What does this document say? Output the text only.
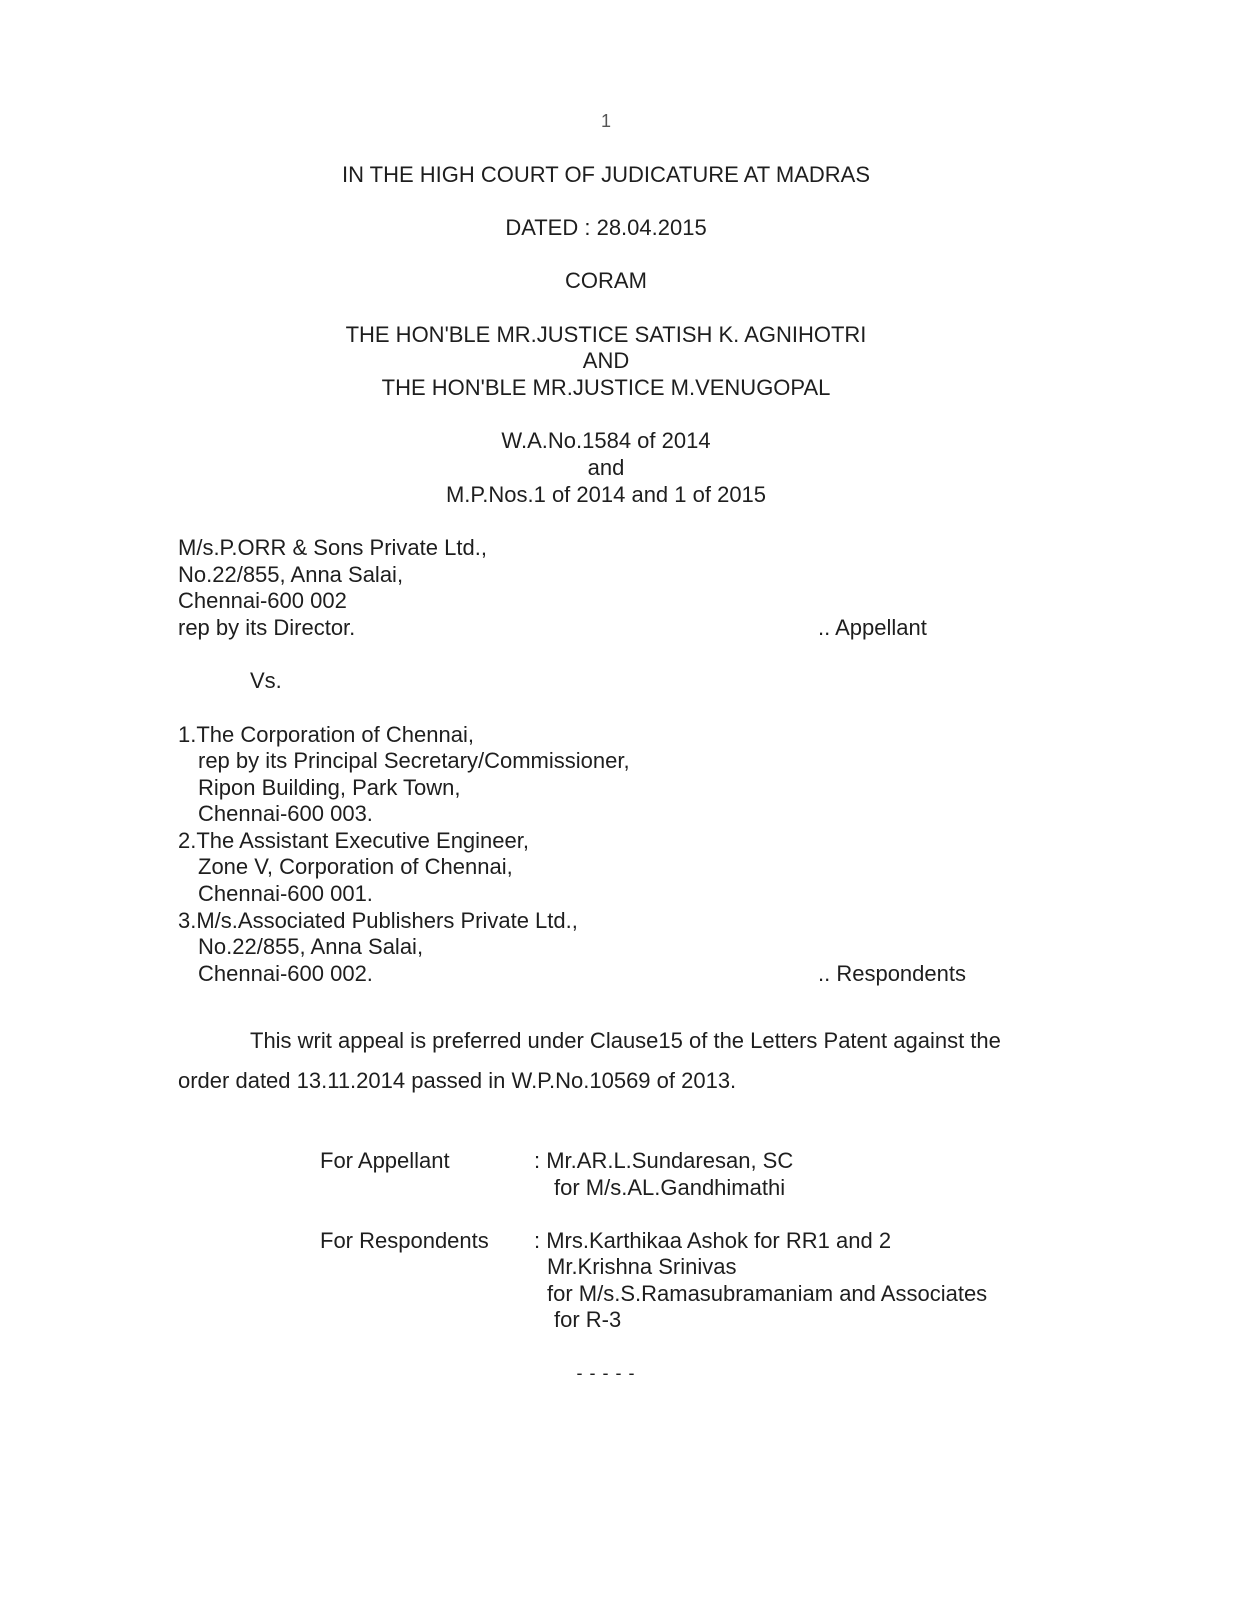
1
IN THE HIGH COURT OF JUDICATURE AT MADRAS
DATED : 28.04.2015
CORAM
THE HON'BLE MR.JUSTICE SATISH K. AGNIHOTRI
AND
THE HON'BLE MR.JUSTICE M.VENUGOPAL
W.A.No.1584 of 2014
and
M.P.Nos.1 of 2014 and 1 of 2015
M/s.P.ORR & Sons Private Ltd.,
No.22/855, Anna Salai,
Chennai-600 002
rep by its Director.	.. Appellant
Vs.
1.The Corporation of Chennai,
rep by its Principal Secretary/Commissioner,
Ripon Building, Park Town,
Chennai-600 003.
2.The Assistant Executive Engineer,
Zone V, Corporation of Chennai,
Chennai-600 001.
3.M/s.Associated Publishers Private Ltd.,
No.22/855, Anna Salai,
Chennai-600 002.	.. Respondents
This writ appeal is preferred under Clause15 of the Letters Patent against the order dated 13.11.2014 passed in W.P.No.10569 of 2013.
For Appellant	: Mr.AR.L.Sundaresan, SC
for M/s.AL.Gandhimathi
For Respondents : Mrs.Karthikaa Ashok for RR1 and 2
Mr.Krishna Srinivas
for M/s.S.Ramasubramaniam and Associates
for R-3
- - - - -
